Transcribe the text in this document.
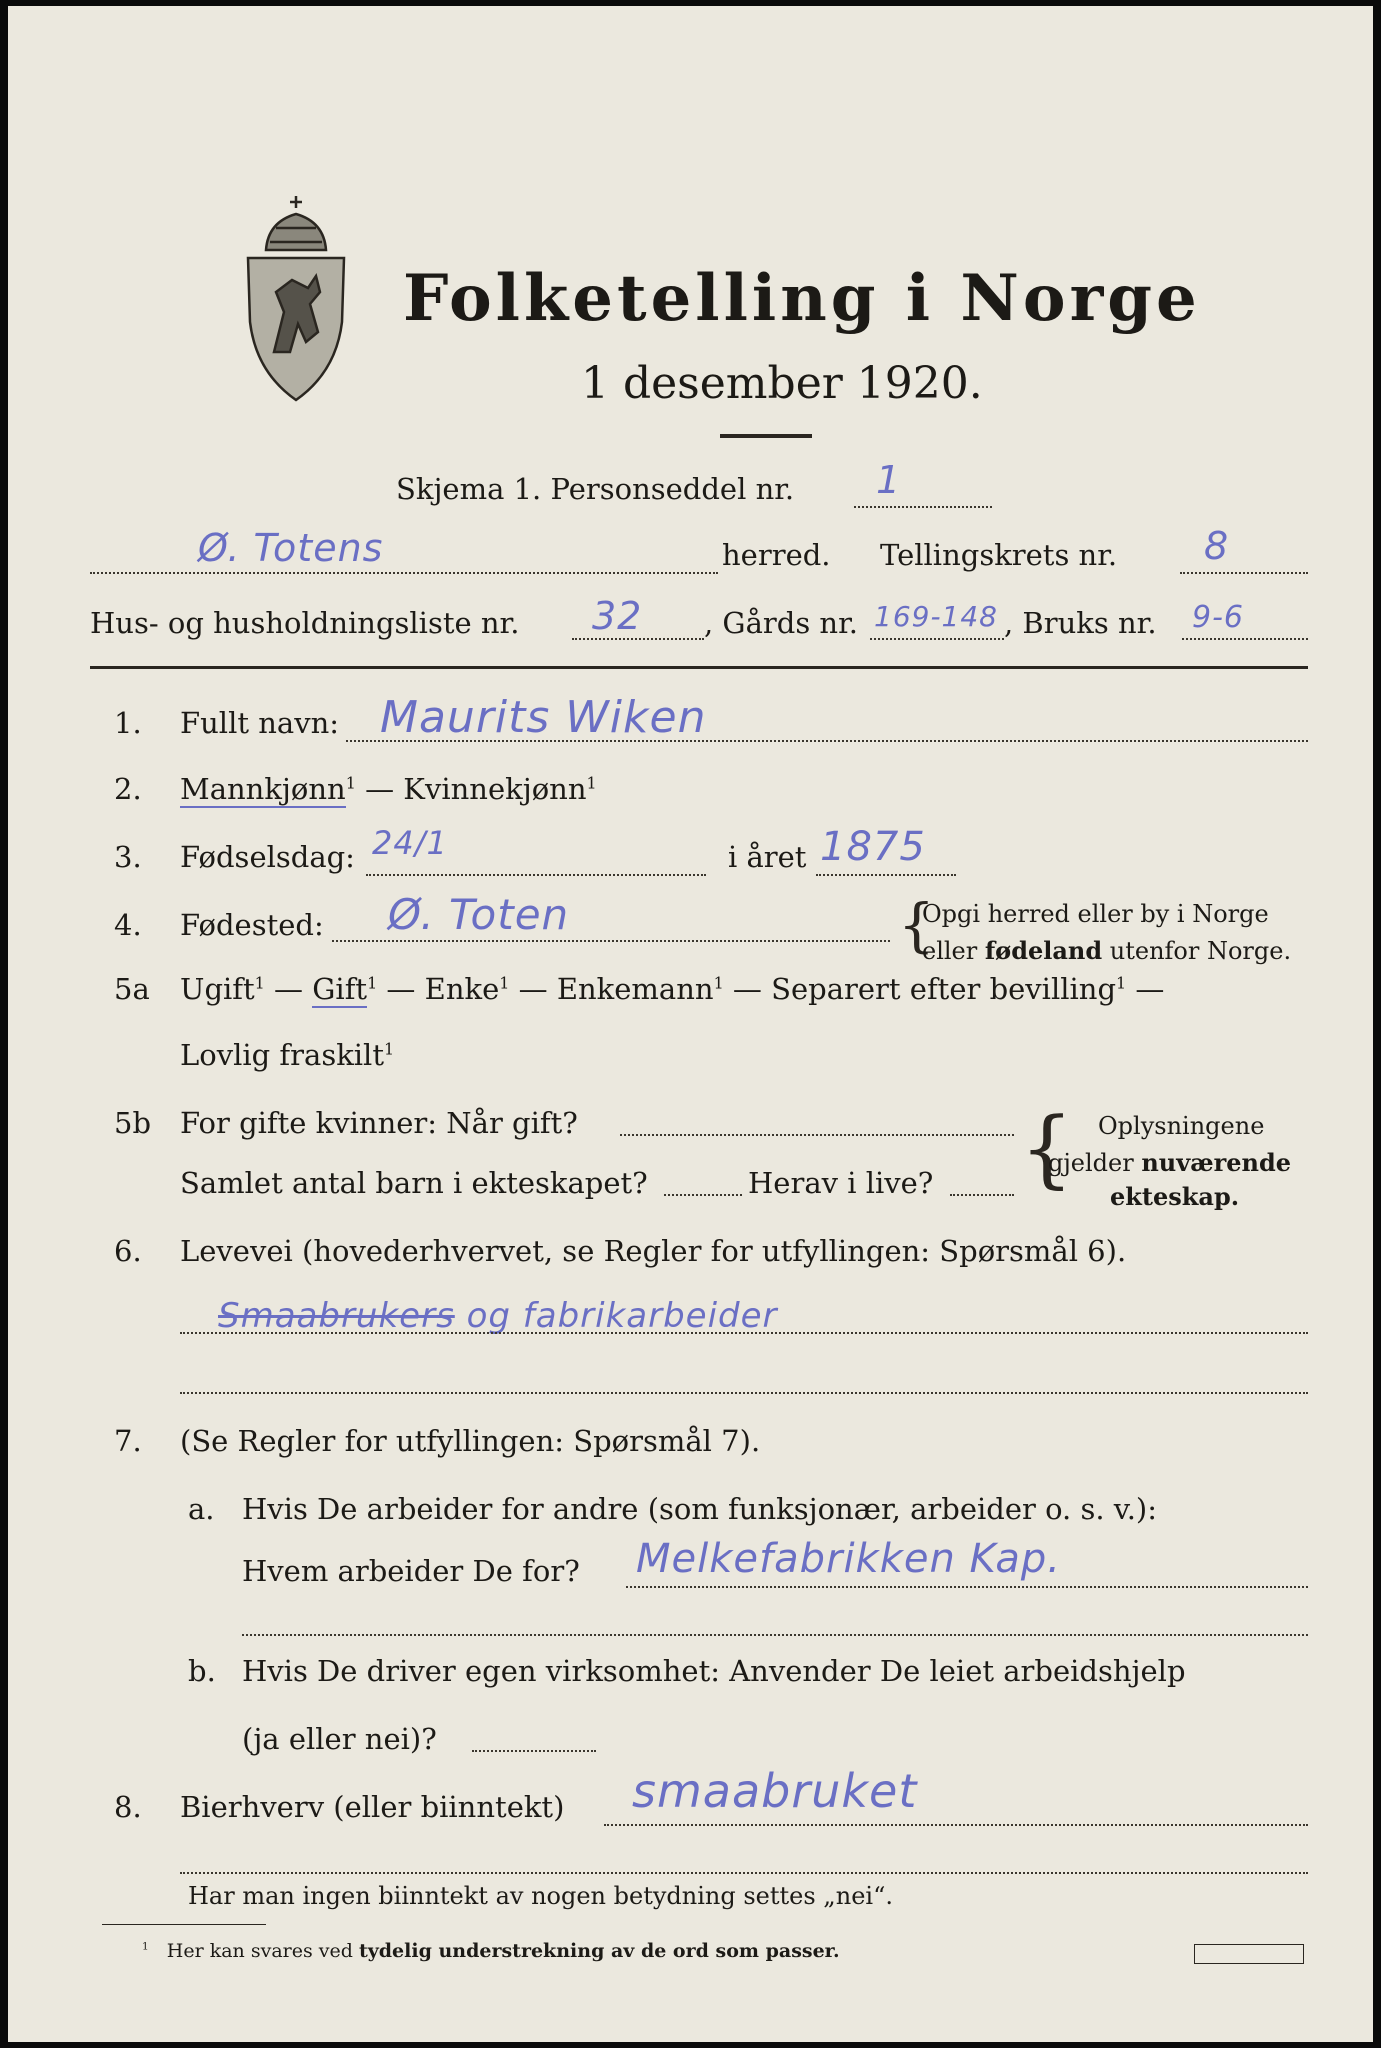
Folketelling i Norge
1 desember 1920.
Skjema 1. Personseddel nr. 1
Ø. Totens	herred. Tellingskrets nr. 8
Hus- og husholdningsliste nr. 32 , Gårds nr. 169-148 , Bruks nr. 9-6
1. Fullt navn: Maurits Wiken
2. Mannkjønn$^1$ — Kvinnekjønn$^1$
3. Fødselsdag: 24/1	i året 1875
4. Fødested: Ø. Toten	{
Opgi herred eller by i Norge
eller fødeland utenfor Norge.
5a Ugift$^1$ — Gift$^1$ — Enke$^1$ — Enkemann$^1$ — Separert efter bevilling$^1$ —
Lovlig fraskilt$^1$
5b For gifte kvinner: Når gift?
Samlet antal barn i ekteskapet?	Herav i live? { Oplysningene
gjelder nuværende
ekteskap.
6. Levevei (hovederhvervet, se Regler for utfyllingen: Spørsmål 6).
Smaabrukers og fabrikarbeider
7. (Se Regler for utfyllingen: Spørsmål 7).
a. Hvis De arbeider for andre (som funksjonær, arbeider o. s. v.):
Hvem arbeider De for? Melkefabrikken Kap.
b. Hvis De driver egen virksomhet: Anvender De leiet arbeidshjelp
(ja eller nei)?
8. Bierhverv (eller biinntekt) smaabruket
Har man ingen biinntekt av nogen betydning settes „nei“.
$^1$ Her kan svares ved tydelig understrekning av de ord som passer.
